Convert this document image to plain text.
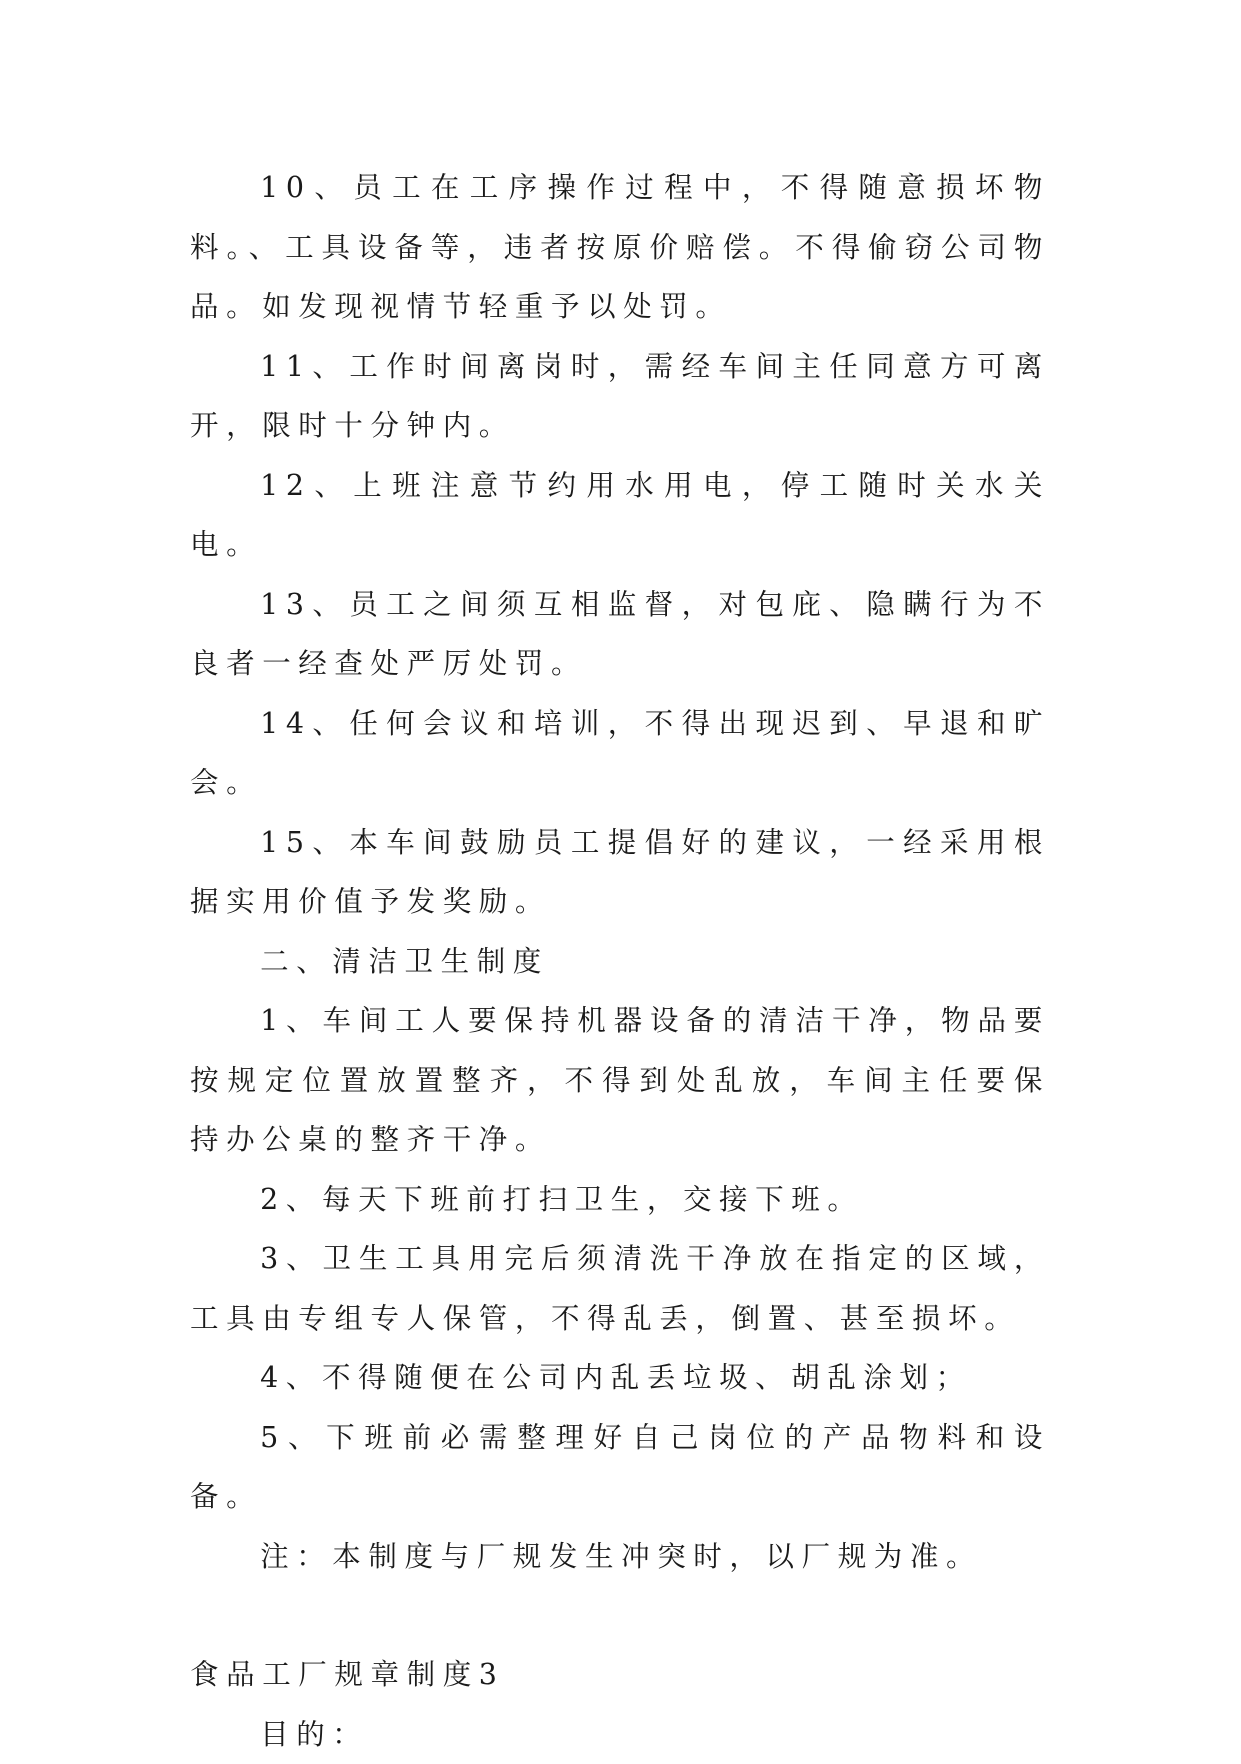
10、员工在工序操作过程中，不得随意损坏物料。、工具设备等，违者按原价赔偿。不得偷窃公司物品。如发现视情节轻重予以处罚。

11、工作时间离岗时，需经车间主任同意方可离开，限时十分钟内。

12、上班注意节约用水用电，停工随时关水关电。

13、员工之间须互相监督，对包庇、隐瞒行为不良者一经查处严厉处罚。

14、任何会议和培训，不得出现迟到、早退和旷会。

15、本车间鼓励员工提倡好的建议，一经采用根据实用价值予发奖励。

二、清洁卫生制度

1、车间工人要保持机器设备的清洁干净，物品要按规定位置放置整齐，不得到处乱放，车间主任要保持办公桌的整齐干净。

2、每天下班前打扫卫生，交接下班。

3、卫生工具用完后须清洗干净放在指定的区域，工具由专组专人保管，不得乱丢，倒置、甚至损坏。

4、不得随便在公司内乱丢垃圾、胡乱涂划；

5、下班前必需整理好自己岗位的产品物料和设备。

注：本制度与厂规发生冲突时，以厂规为准。

食品工厂规章制度3

目的：
